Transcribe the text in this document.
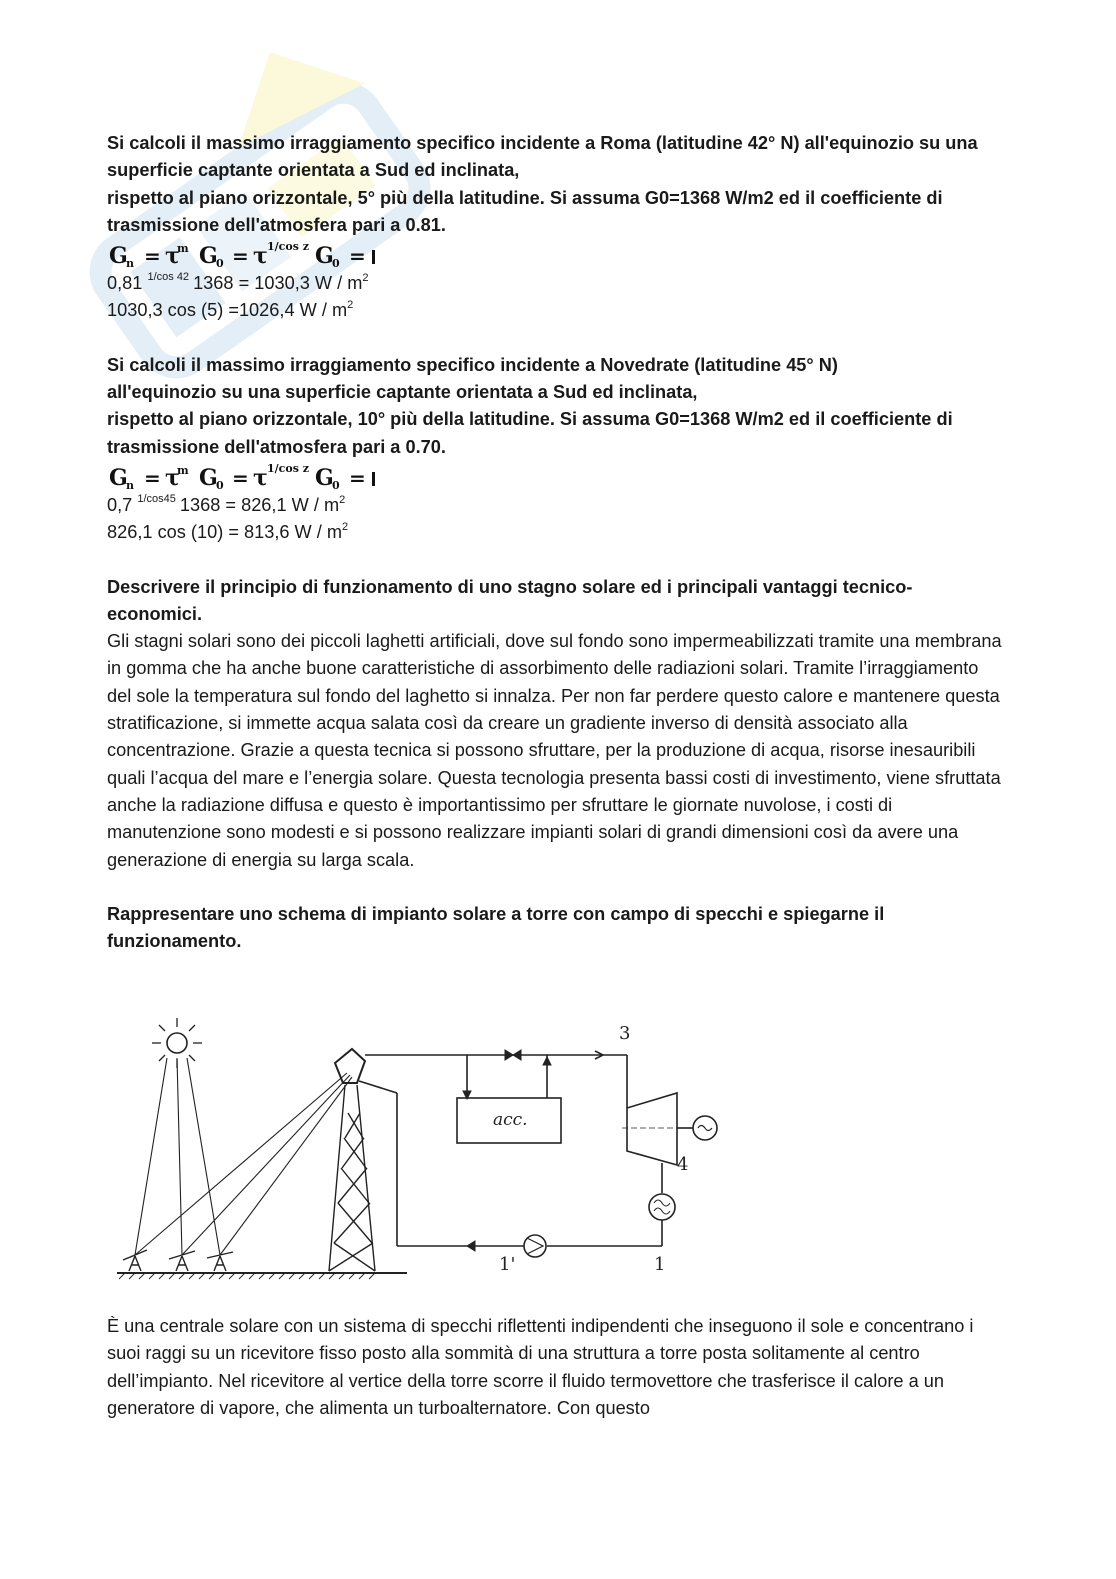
Si calcoli il massimo irraggiamento specifico incidente a Roma (latitudine 42° N) all'equinozio su una superficie captante orientata a Sud ed inclinata,

rispetto al piano orizzontale, 5° più della latitudine. Si assuma G0=1368 W/m2 ed il coefficiente di trasmissione dell'atmosfera pari a 0.81.

G
n = τ
m G
0 = τ 1/cos z G
0 =

0,81 $^{1/cos 42}$ 1368 = 1030,3 W / $m^2$

1030,3 cos (5) =1026,4 W / $m^2$

Si calcoli il massimo irraggiamento specifico incidente a Novedrate (latitudine 45° N)
all'equinozio su una superficie captante orientata a Sud ed inclinata,

rispetto al piano orizzontale, 10° più della latitudine. Si assuma G0=1368 W/m2 ed il coefficiente di trasmissione dell'atmosfera pari a 0.70.

G
n = τ
m G
0 = τ 1/cos z G
0 =

0,7 $^{1/cos45}$ 1368 = 826,1 W / $m^2$

826,1 cos (10) = 813,6 W / $m^2$

Descrivere il principio di funzionamento di uno stagno solare ed i principali vantaggi tecnico-economici.

Gli stagni solari sono dei piccoli laghetti artificiali, dove sul fondo sono impermeabilizzati tramite una membrana in gomma che ha anche buone caratteristiche di assorbimento delle radiazioni solari. Tramite l’irraggiamento del sole la temperatura sul fondo del laghetto si innalza. Per non far perdere questo calore e mantenere questa stratificazione, si immette acqua salata così da creare un gradiente inverso di densità associato alla concentrazione. Grazie a questa tecnica si possono sfruttare, per la produzione di acqua, risorse inesauribili quali l’acqua del mare e l’energia solare. Questa tecnologia presenta bassi costi di investimento, viene sfruttata anche la radiazione diffusa e questo è importantissimo per sfruttare le giornate nuvolose, i costi di manutenzione sono modesti e si possono realizzare impianti solari di grandi dimensioni così da avere una generazione di energia su larga scala.

Rappresentare uno schema di impianto solare a torre con campo di specchi e spiegarne il funzionamento.

acc.
3
4
1
1'

È una centrale solare con un sistema di specchi riflettenti indipendenti che inseguono il sole e concentrano i suoi raggi su un ricevitore fisso posto alla sommità di una struttura a torre posta solitamente al centro dell’impianto. Nel ricevitore al vertice della torre scorre il fluido termovettore che trasferisce il calore a un generatore di vapore, che alimenta un turboalternatore. Con questo
